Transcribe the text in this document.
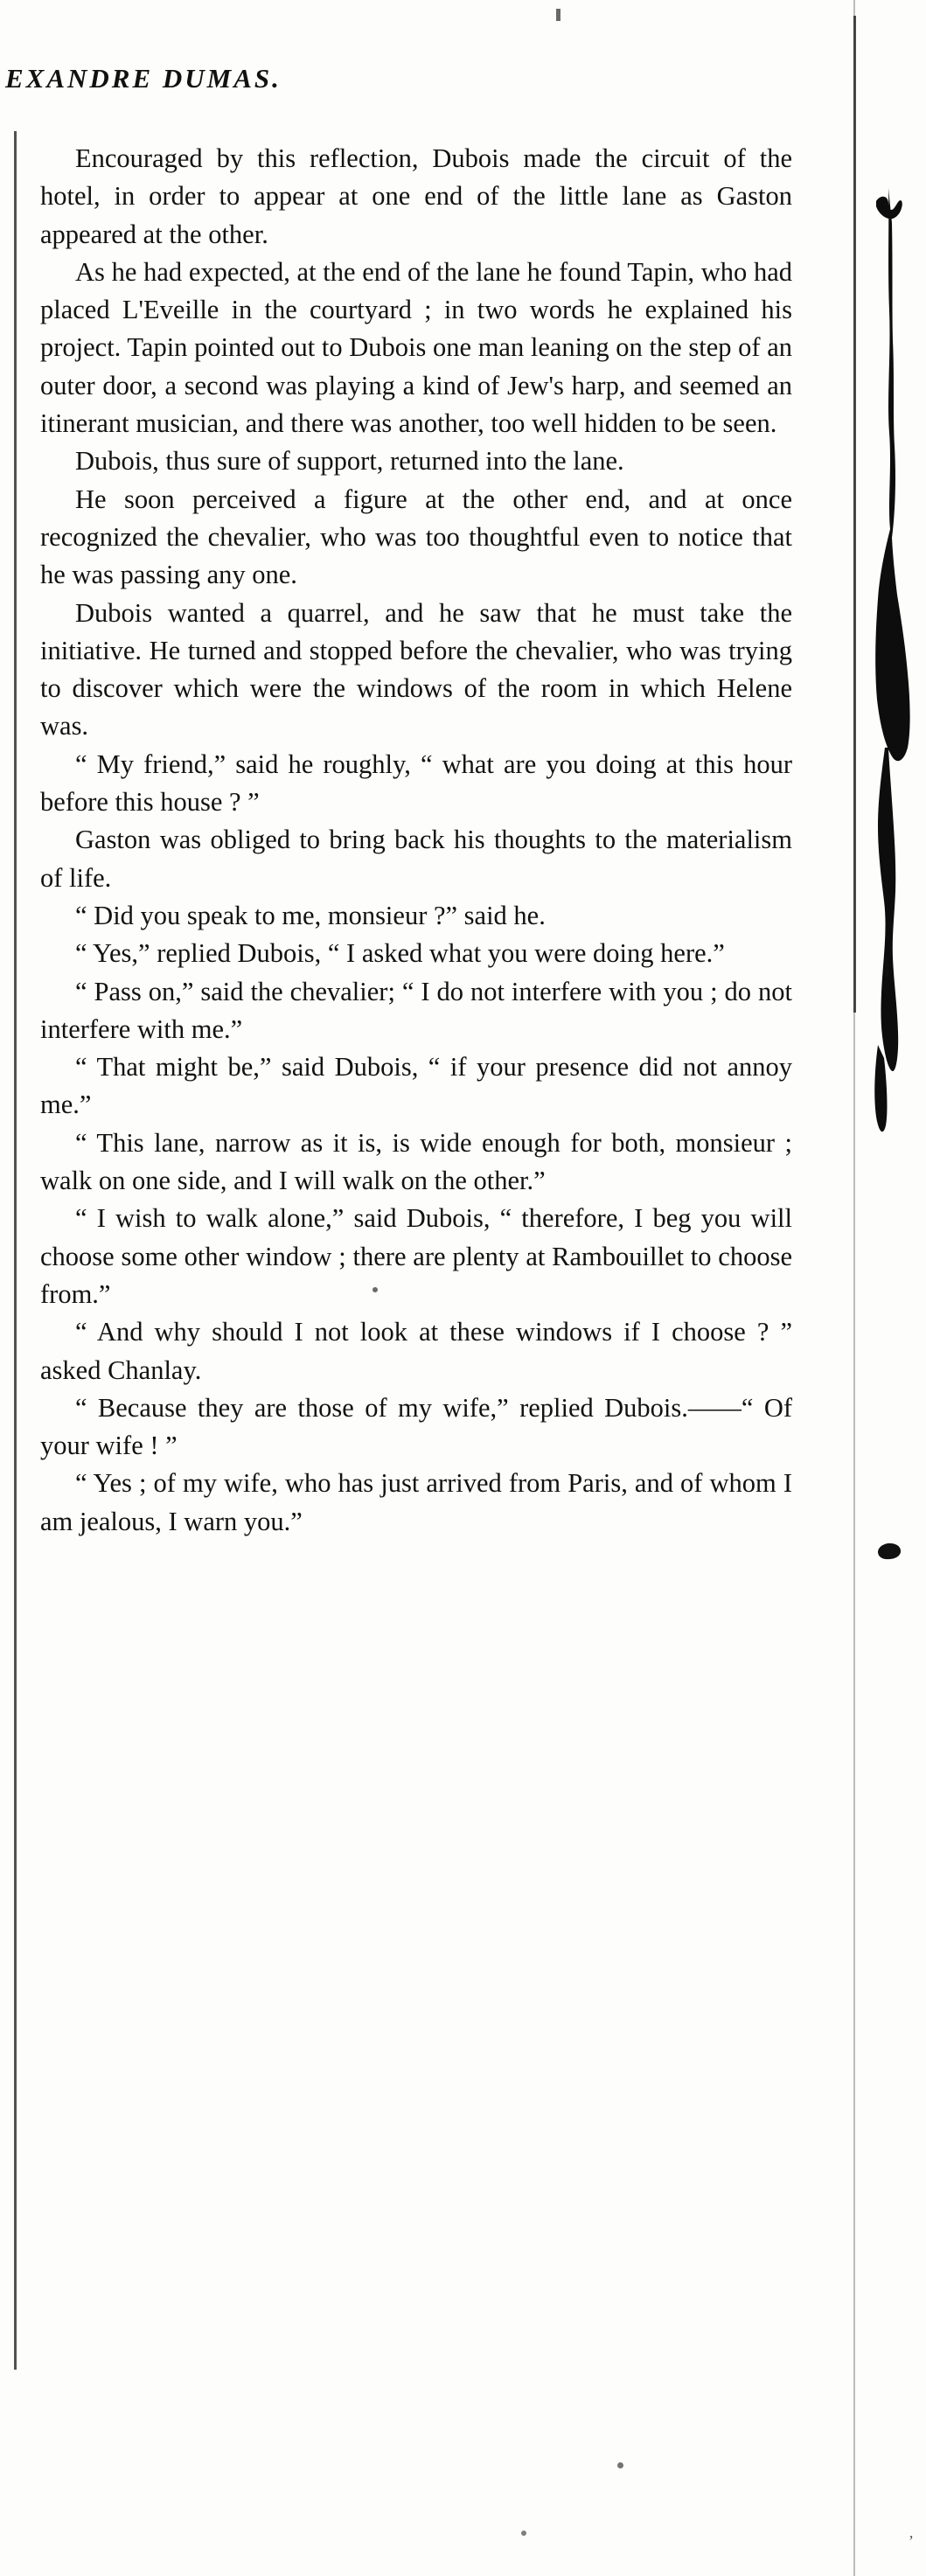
EXANDRE DUMAS.

Encouraged by this reflection, Dubois made the circuit of the hotel, in order to appear at one end of the little lane as Gaston appeared at the other.

As he had expected, at the end of the lane he found Tapin, who had placed L'Eveille in the courtyard ; in two words he explained his project. Tapin pointed out to Dubois one man leaning on the step of an outer door, a second was playing a kind of Jew's harp, and seemed an itinerant musician, and there was another, too well hidden to be seen.

Dubois, thus sure of support, returned into the lane.

He soon perceived a figure at the other end, and at once recognized the chevalier, who was too thoughtful even to notice that he was passing any one.

Dubois wanted a quarrel, and he saw that he must take the initiative. He turned and stopped before the chevalier, who was trying to discover which were the windows of the room in which Helene was.

“ My friend,” said he roughly, “ what are you doing at this hour before this house ? ”

Gaston was obliged to bring back his thoughts to the materialism of life.

“ Did you speak to me, monsieur ?” said he.

“ Yes,” replied Dubois, “ I asked what you were doing here.”

“ Pass on,” said the chevalier; “ I do not interfere with you ; do not interfere with me.”

“ That might be,” said Dubois, “ if your presence did not annoy me.”

“ This lane, narrow as it is, is wide enough for both, monsieur ; walk on one side, and I will walk on the other.”

“ I wish to walk alone,” said Dubois, “ therefore, I beg you will choose some other window ; there are plenty at Rambouillet to choose from.”

“ And why should I not look at these windows if I choose ? ” asked Chanlay.

“ Because they are those of my wife,” replied Dubois.——“ Of your wife ! ”

“ Yes ; of my wife, who has just arrived from Paris, and of whom I am jealous, I warn you.”

’
